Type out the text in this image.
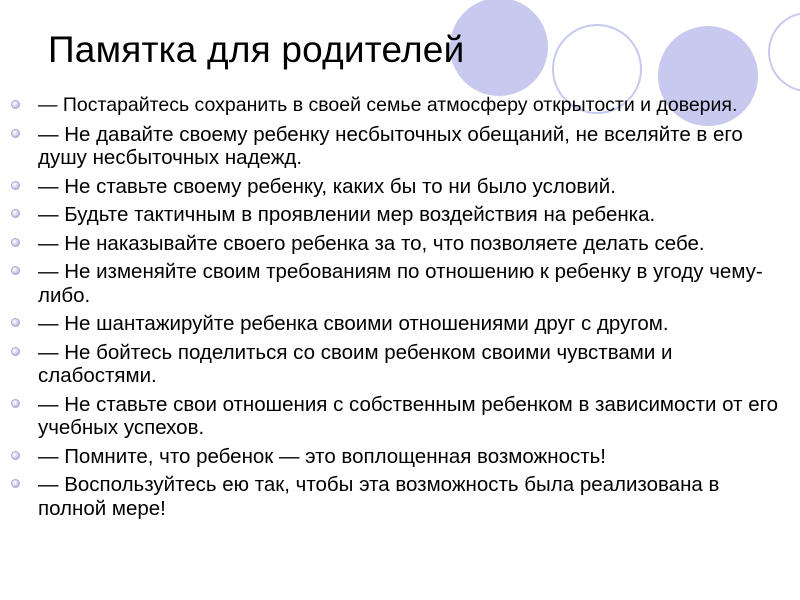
Памятка для родителей
— Постарайтесь сохранить в своей семье атмосферу открытости и доверия.
— Не давайте своему ребенку несбыточных обещаний, не вселяйте в его душу несбыточных надежд.
— Не ставьте своему ребенку, каких бы то ни было условий.
— Будьте тактичным в проявлении мер воздействия на ребенка.
— Не наказывайте своего ребенка за то, что позволяете делать себе.
— Не изменяйте своим требованиям по отношению к ребенку в угоду чему-либо.
— Не шантажируйте ребенка своими отношениями друг с другом.
— Не бойтесь поделиться со своим ребенком своими чувствами и слабостями.
— Не ставьте свои отношения с собственным ребенком в зависимости от его учебных успехов.
— Помните, что ребенок — это воплощенная возможность!
— Воспользуйтесь ею так, чтобы эта возможность была реализована в полной мере!
